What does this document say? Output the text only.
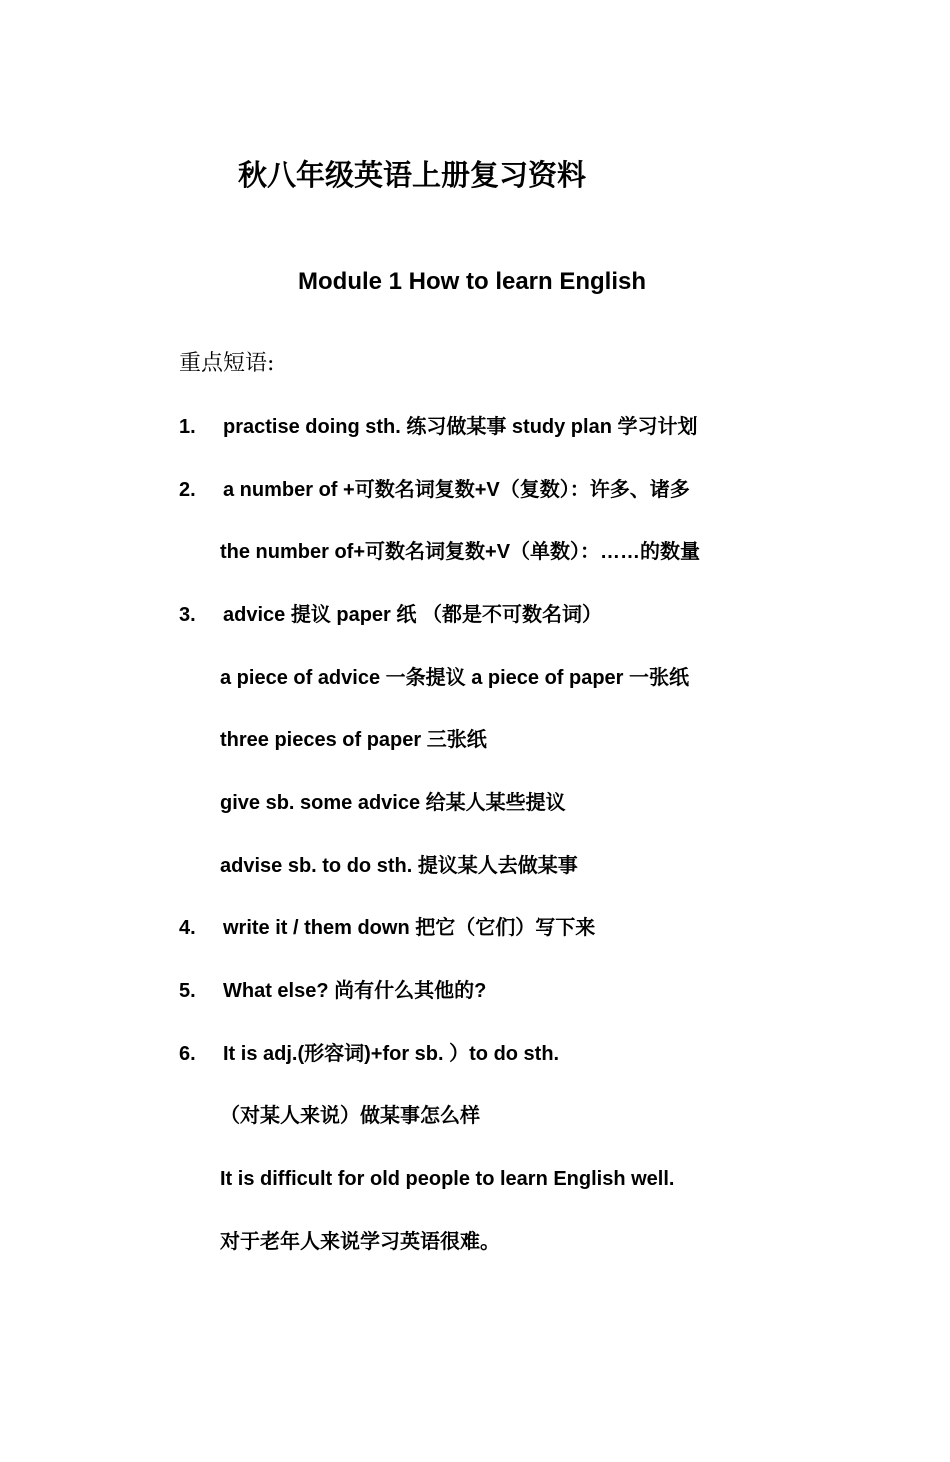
秋八年级英语上册复习资料
Module 1 How to learn English
重点短语:
1. practise doing sth. 练习做某事 study plan 学习计划
2. a number of +可数名词复数+V（复数）：许多、诸多
the number of+可数名词复数+V（单数）：……的数量
3. advice 提议 paper 纸 （都是不可数名词）
a piece of advice 一条提议 a piece of paper 一张纸
three pieces of paper 三张纸
give sb. some advice 给某人某些提议
advise sb. to do sth. 提议某人去做某事
4. write it / them down 把它（它们）写下来
5. What else? 尚有什么其他的?
6. It is adj.(形容词)+for sb. ）to do sth.
（对某人来说）做某事怎么样
It is difficult for old people to learn English well.
对于老年人来说学习英语很难。
